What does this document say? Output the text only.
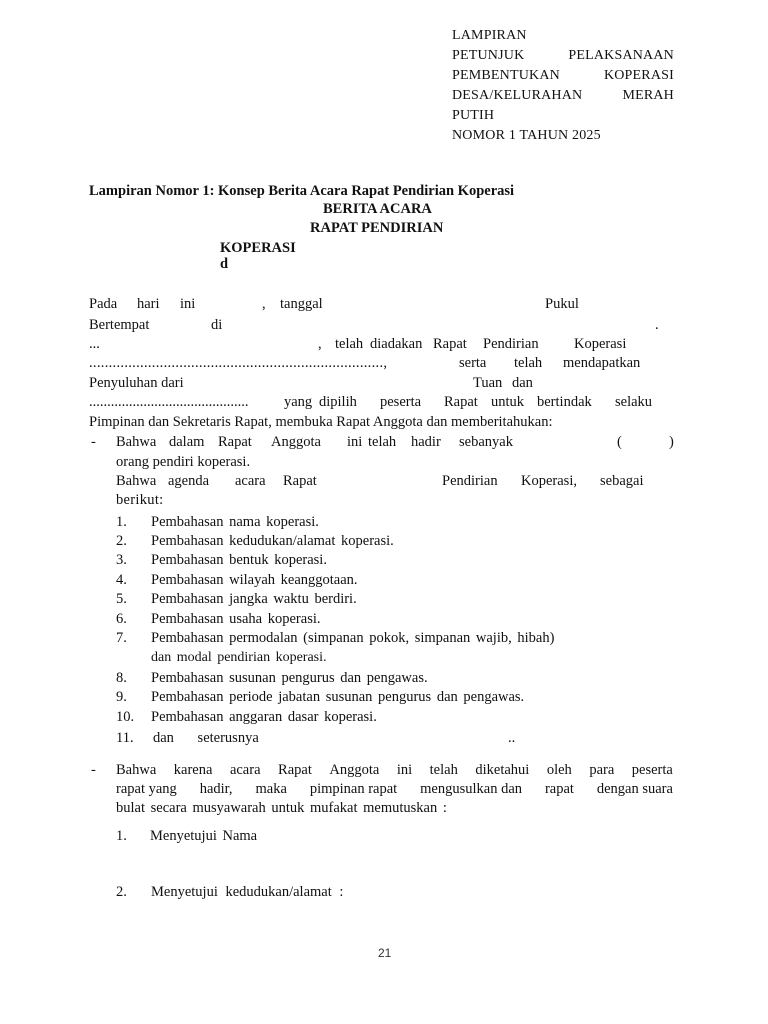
LAMPIRAN
PETUNJUK	PELAKSANAAN
PEMBENTUKAN	KOPERASI
DESA/KELURAHAN	MERAH
PUTIH
NOMOR 1 TAHUN 2025
Lampiran Nomor 1: Konsep Berita Acara Rapat Pendirian Koperasi
BERITA ACARA
RAPAT PENDIRIAN
KOPERASI
d
Pada hari ini	, tanggal	Pukul
Bertempat	di	.
...	, telah diadakan Rapat Pendirian Koperasi
...........................................................................,	serta telah mendapatkan
Penyuluhan dari	Tuan dan
............................................ yang dipilih peserta Rapat untuk bertindak selaku
Pimpinan dan Sekretaris Rapat, membuka Rapat Anggota dan memberitahukan:
- Bahwa dalam Rapat Anggota ini telah hadir sebanyak	(	)
orang pendiri koperasi.
Bahwa agenda acara Rapat	Pendirian Koperasi, sebagai
berikut:
1. Pembahasan nama koperasi.
2. Pembahasan kedudukan/alamat koperasi.
3. Pembahasan bentuk koperasi.
4. Pembahasan wilayah keanggotaan.
5. Pembahasan jangka waktu berdiri.
6. Pembahasan usaha koperasi.
7. Pembahasan permodalan (simpanan pokok, simpanan wajib, hibah)
dan modal pendirian koperasi.
8. Pembahasan susunan pengurus dan pengawas.
9. Pembahasan periode jabatan susunan pengurus dan pengawas.
10. Pembahasan anggaran dasar koperasi.
11. dan seterusnya	..
- Bahwa karena acara Rapat Anggota ini telah diketahui oleh para peserta
rapat yang hadir, maka pimpinan rapat mengusulkan dan rapat dengan suara
bulat secara musyawarah untuk mufakat memutuskan :
1. Menyetujui Nama
2. Menyetujui kedudukan/alamat :
21
